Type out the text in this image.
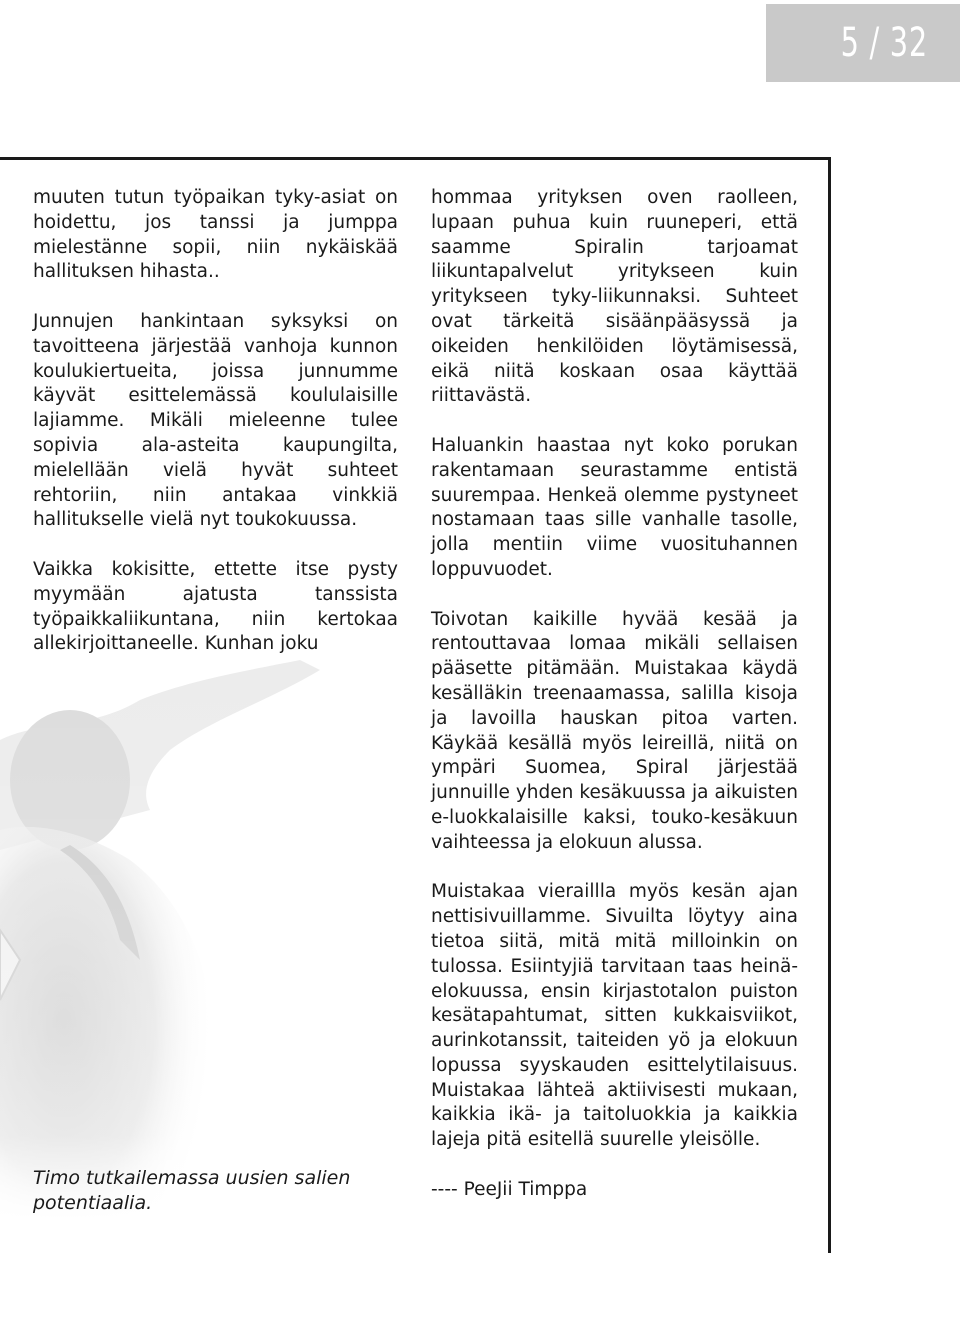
5 / 32

muuten tutun työpaikan tyky-asiat on hoidettu, jos tanssi ja jumppa mielestänne sopii, niin nykäiskää hallituksen hihasta..

Junnujen hankintaan syksyksi on tavoitteena järjestää vanhoja kunnon koulukiertueita, joissa junnumme käyvät esittelemässä koululaisille lajiamme. Mikäli mieleenne tulee sopivia ala-asteita kaupungilta, mielellään vielä hyvät suhteet rehtoriin, niin antakaa vinkkiä hallitukselle vielä nyt toukokuussa.

Vaikka kokisitte, ettette itse pysty myymään ajatusta tanssista työpaikkaliikuntana, niin kertokaa allekirjoittaneelle. Kunhan joku

hommaa yrityksen oven raolleen, lupaan puhua kuin ruuneperi, että saamme Spiralin tarjoamat liikuntapalvelut yritykseen kuin yritykseen tyky-liikunnaksi. Suhteet ovat tärkeitä sisäänpääsyssä ja oikeiden henkilöiden löytämisessä, eikä niitä koskaan osaa käyttää riittavästä.

Haluankin haastaa nyt koko porukan rakentamaan seurastamme entistä suurempaa. Henkeä olemme pystyneet nostamaan taas sille vanhalle tasolle, jolla mentiin viime vuosituhannen loppuvuodet.

Toivotan kaikille hyvää kesää ja rentouttavaa lomaa mikäli sellaisen pääsette pitämään. Muistakaa käydä kesälläkin treenaamassa, salilla kisoja ja lavoilla hauskan pitoa varten. Käykää kesällä myös leireillä, niitä on ympäri Suomea, Spiral järjestää junnuille yhden kesäkuussa ja aikuisten e-luokkalaisille kaksi, touko-kesäkuun vaihteessa ja elokuun alussa.

Muistakaa vieraillla myös kesän ajan nettisivuillamme. Sivuilta löytyy aina tietoa siitä, mitä mitä milloinkin on tulossa. Esiintyjiä tarvitaan taas heinä-elokuussa, ensin kirjastotalon puiston kesätapahtumat, sitten kukkaisviikot, aurinkotanssit, taiteiden yö ja elokuun lopussa syyskauden esittelytilaisuus. Muistakaa lähteä aktiivisesti mukaan, kaikkia ikä- ja taitoluokkia ja kaikkia lajeja pitä esitellä suurelle yleisölle.

---- PeeJii Timppa

Timo tutkailemassa uusien salien potentiaalia.
